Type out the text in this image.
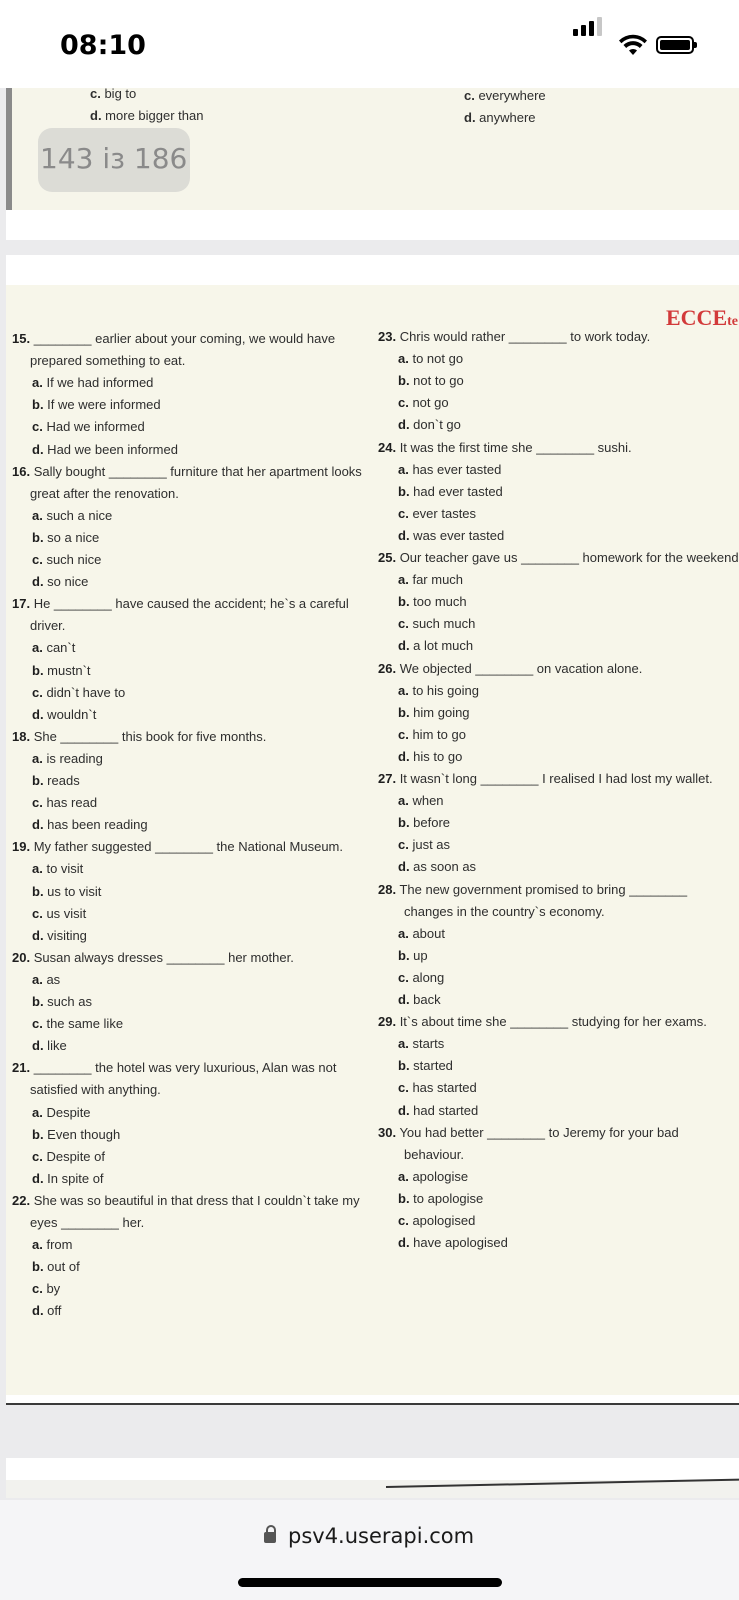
08:10
c. big to
d. more bigger than
c. everywhere
d. anywhere
143 із 186
ECCEte
15. ________ earlier about your coming, we would have
prepared something to eat.
a. If we had informed
b. If we were informed
c. Had we informed
d. Had we been informed
16. Sally bought ________ furniture that her apartment looks
great after the renovation.
a. such a nice
b. so a nice
c. such nice
d. so nice
17. He ________ have caused the accident; he`s a careful
driver.
a. can`t
b. mustn`t
c. didn`t have to
d. wouldn`t
18. She ________ this book for five months.
a. is reading
b. reads
c. has read
d. has been reading
19. My father suggested ________ the National Museum.
a. to visit
b. us to visit
c. us visit
d. visiting
20. Susan always dresses ________ her mother.
a. as
b. such as
c. the same like
d. like
21. ________ the hotel was very luxurious, Alan was not
satisfied with anything.
a. Despite
b. Even though
c. Despite of
d. In spite of
22. She was so beautiful in that dress that I couldn`t take my
eyes ________ her.
a. from
b. out of
c. by
d. off
23. Chris would rather ________ to work today.
a. to not go
b. not to go
c. not go
d. don`t go
24. It was the first time she ________ sushi.
a. has ever tasted
b. had ever tasted
c. ever tastes
d. was ever tasted
25. Our teacher gave us ________ homework for the weekend
a. far much
b. too much
c. such much
d. a lot much
26. We objected ________ on vacation alone.
a. to his going
b. him going
c. him to go
d. his to go
27. It wasn`t long ________ I realised I had lost my wallet.
a. when
b. before
c. just as
d. as soon as
28. The new government promised to bring ________
changes in the country`s economy.
a. about
b. up
c. along
d. back
29. It`s about time she ________ studying for her exams.
a. starts
b. started
c. has started
d. had started
30. You had better ________ to Jeremy for your bad
behaviour.
a. apologise
b. to apologise
c. apologised
d. have apologised
psv4.userapi.com
